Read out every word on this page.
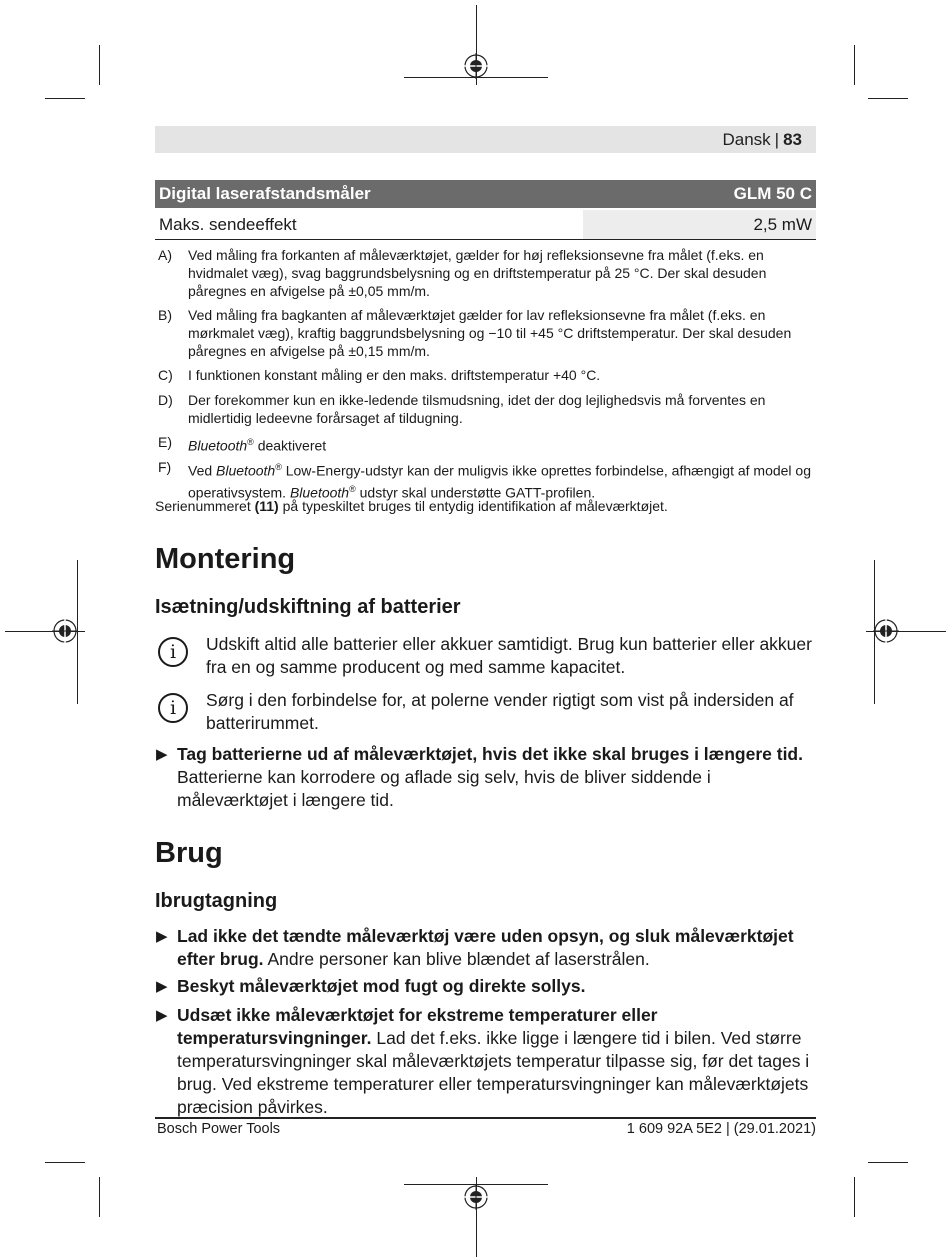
Dansk | 83
Digital laserafstandsmåler	GLM 50 C
Maks. sendeeffekt	2,5 mW
A) Ved måling fra forkanten af måleværktøjet, gælder for høj refleksionsevne fra målet (f.eks. en hvidmalet væg), svag baggrundsbelysning og en driftstemperatur på 25 °C. Der skal desuden påregnes en afvigelse på ±0,05 mm/m.
B) Ved måling fra bagkanten af måleværktøjet gælder for lav refleksionsevne fra målet (f.eks. en mørkmalet væg), kraftig baggrundsbelysning og −10 til +45 °C driftstemperatur. Der skal desuden påregnes en afvigelse på ±0,15 mm/m.
C) I funktionen konstant måling er den maks. driftstemperatur +40 °C.
D) Der forekommer kun en ikke-ledende tilsmudsning, idet der dog lejlighedsvis må forventes en midlertidig ledeevne forårsaget af tildugning.
E) Bluetooth® deaktiveret
F) Ved Bluetooth® Low-Energy-udstyr kan der muligvis ikke oprettes forbindelse, afhængigt af model og operativsystem. Bluetooth® udstyr skal understøtte GATT-profilen.
Serienummeret (11) på typeskiltet bruges til entydig identifikation af måleværktøjet.
Montering
Isætning/udskiftning af batterier
i	Udskift altid alle batterier eller akkuer samtidigt. Brug kun batterier eller akkuer fra en og samme producent og med samme kapacitet.
i	Sørg i den forbindelse for, at polerne vender rigtigt som vist på indersiden af batterirummet.
▶ Tag batterierne ud af måleværktøjet, hvis det ikke skal bruges i længere tid. Batterierne kan korrodere og aflade sig selv, hvis de bliver siddende i måleværktøjet i længere tid.
Brug
Ibrugtagning
▶ Lad ikke det tændte måleværktøj være uden opsyn, og sluk måleværktøjet efter brug. Andre personer kan blive blændet af laserstrålen.
▶ Beskyt måleværktøjet mod fugt og direkte sollys.
▶ Udsæt ikke måleværktøjet for ekstreme temperaturer eller temperatursvingninger. Lad det f.eks. ikke ligge i længere tid i bilen. Ved større temperatursvingninger skal måleværktøjets temperatur tilpasse sig, før det tages i brug. Ved ekstreme temperaturer eller temperatursvingninger kan måleværktøjets præcision påvirkes.
Bosch Power Tools	1 609 92A 5E2 | (29.01.2021)
